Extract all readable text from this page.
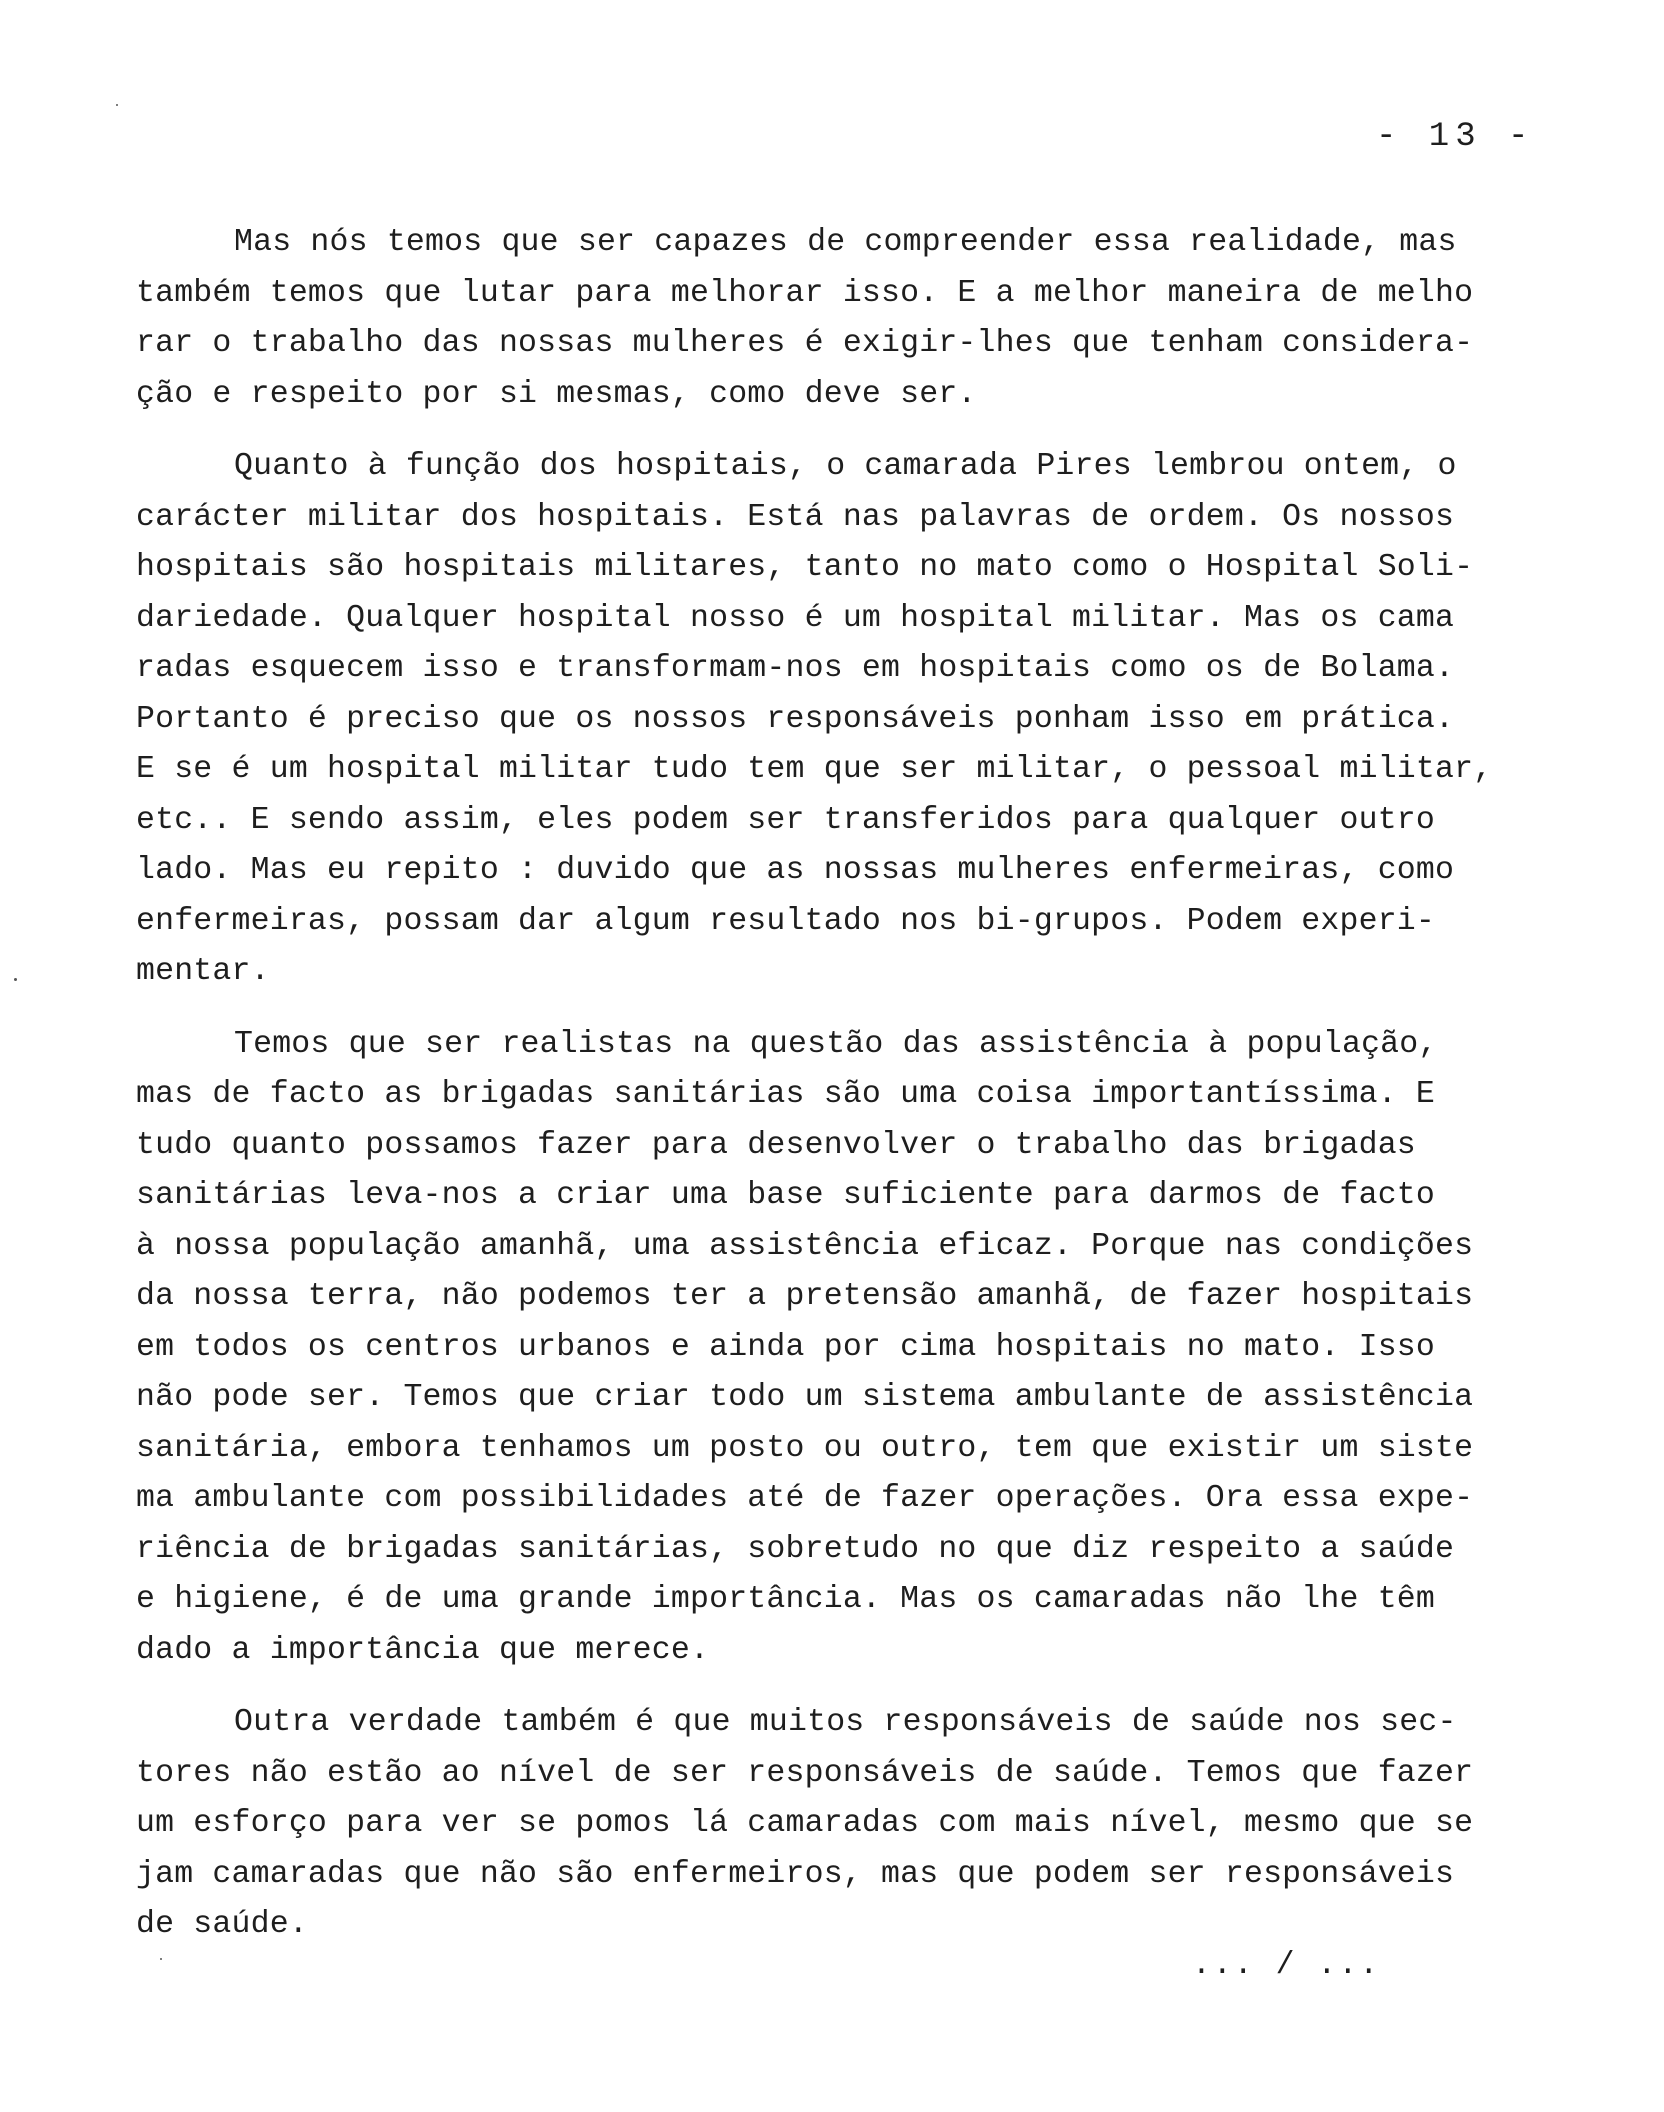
- 13 -
Mas nós temos que ser capazes de compreender essa realidade, mas
também temos que lutar para melhorar isso. E a melhor maneira de melho
rar o trabalho das nossas mulheres é exigir-lhes que tenham considera-
ção e respeito por si mesmas, como deve ser.
Quanto à função dos hospitais, o camarada Pires lembrou ontem, o
carácter militar dos hospitais. Está nas palavras de ordem. Os nossos
hospitais são hospitais militares, tanto no mato como o Hospital Soli-
dariedade. Qualquer hospital nosso é um hospital militar. Mas os cama
radas esquecem isso e transformam-nos em hospitais como os de Bolama.
Portanto é preciso que os nossos responsáveis ponham isso em prática.
E se é um hospital militar tudo tem que ser militar, o pessoal militar,
etc.. E sendo assim, eles podem ser transferidos para qualquer outro
lado. Mas eu repito : duvido que as nossas mulheres enfermeiras, como
enfermeiras, possam dar algum resultado nos bi-grupos. Podem experi-
mentar.
Temos que ser realistas na questão das assistência à população,
mas de facto as brigadas sanitárias são uma coisa importantíssima. E
tudo quanto possamos fazer para desenvolver o trabalho das brigadas
sanitárias leva-nos a criar uma base suficiente para darmos de facto
à nossa população amanhã, uma assistência eficaz. Porque nas condições
da nossa terra, não podemos ter a pretensão amanhã, de fazer hospitais
em todos os centros urbanos e ainda por cima hospitais no mato. Isso
não pode ser. Temos que criar todo um sistema ambulante de assistência
sanitária, embora tenhamos um posto ou outro, tem que existir um siste
ma ambulante com possibilidades até de fazer operações. Ora essa expe-
riência de brigadas sanitárias, sobretudo no que diz respeito a saúde
e higiene, é de uma grande importância. Mas os camaradas não lhe têm
dado a importância que merece.
Outra verdade também é que muitos responsáveis de saúde nos sec-
tores não estão ao nível de ser responsáveis de saúde. Temos que fazer
um esforço para ver se pomos lá camaradas com mais nível, mesmo que se
jam camaradas que não são enfermeiros, mas que podem ser responsáveis
de saúde.
... / ...
